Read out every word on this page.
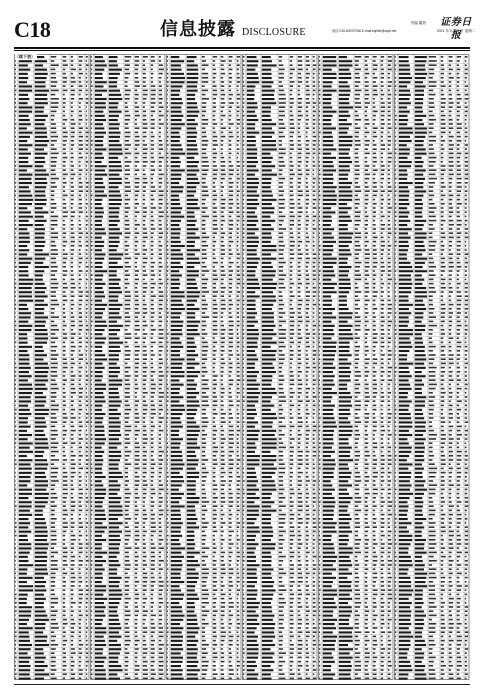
C18	信息披露 DISCLOSURE
责编 董晨
电话 010-63070766 E-mail:zqrbtb@zqrb.net
证券日报
2021 年 2 月 2 日 星期二
（续下表）
